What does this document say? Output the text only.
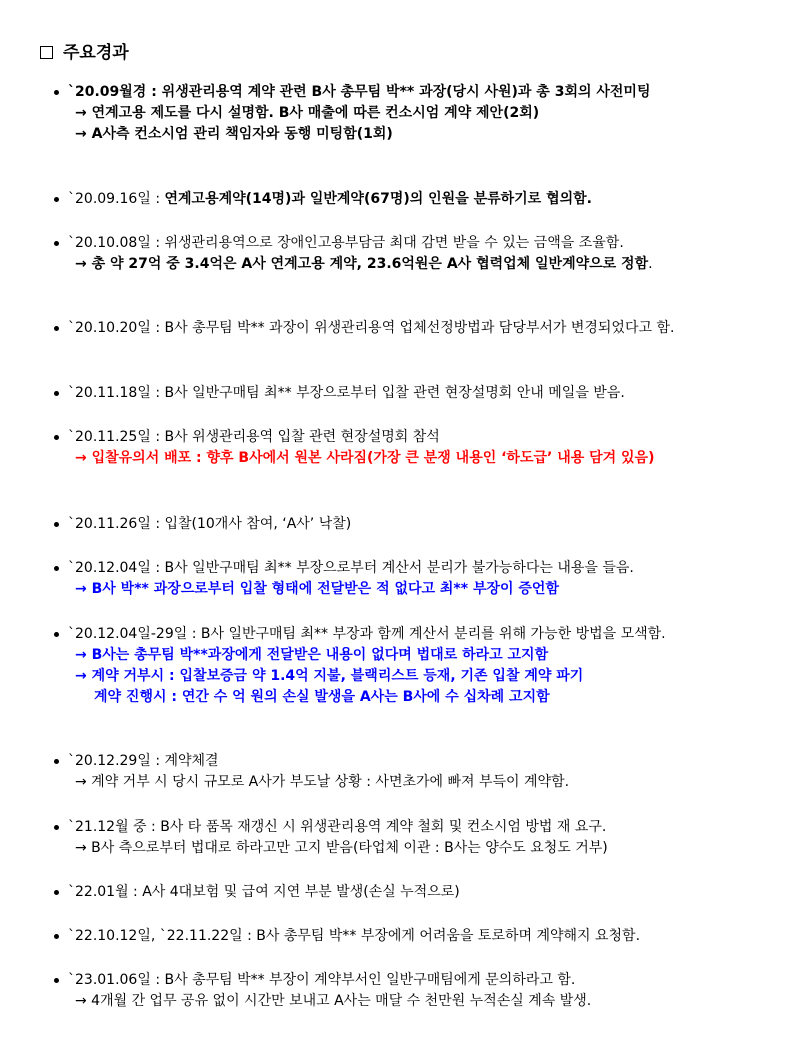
주요경과
`20.09월경 : 위생관리용역 계약 관련 B사 총무팀 박** 과장(당시 사원)과 총 3회의 사전미팅
→ 연계고용 제도를 다시 설명함. B사 매출에 따른 컨소시엄 계약 제안(2회)
→ A사측 컨소시엄 관리 책임자와 동행 미팅함(1회)
`20.09.16일 : 연계고용계약(14명)과 일반계약(67명)의 인원을 분류하기로 협의함.
`20.10.08일 : 위생관리용역으로 장애인고용부담금 최대 감면 받을 수 있는 금액을 조율함.
→ 총 약 27억 중 3.4억은 A사 연계고용 계약, 23.6억원은 A사 협력업체 일반계약으로 정함.
`20.10.20일 : B사 총무팀 박** 과장이 위생관리용역 업체선정방법과 담당부서가 변경되었다고 함.
`20.11.18일 : B사 일반구매팀 최** 부장으로부터 입찰 관련 현장설명회 안내 메일을 받음.
`20.11.25일 : B사 위생관리용역 입찰 관련 현장설명회 참석
→ 입찰유의서 배포 : 향후 B사에서 원본 사라짐(가장 큰 분쟁 내용인 ‘하도급’ 내용 담겨 있음)
`20.11.26일 : 입찰(10개사 참여, ‘A사’ 낙찰)
`20.12.04일 : B사 일반구매팀 최** 부장으로부터 계산서 분리가 불가능하다는 내용을 들음.
→ B사 박** 과장으로부터 입찰 형태에 전달받은 적 없다고 최** 부장이 증언함
`20.12.04일-29일 : B사 일반구매팀 최** 부장과 함께 계산서 분리를 위해 가능한 방법을 모색함.
→ B사는 총무팀 박**과장에게 전달받은 내용이 없다며 법대로 하라고 고지함
→ 계약 거부시 : 입찰보증금 약 1.4억 지불, 블랙리스트 등재, 기존 입찰 계약 파기
계약 진행시 : 연간 수 억 원의 손실 발생을 A사는 B사에 수 십차례 고지함
`20.12.29일 : 계약체결
→ 계약 거부 시 당시 규모로 A사가 부도날 상황 : 사면초가에 빠져 부득이 계약함.
`21.12월 중 : B사 타 품목 재갱신 시 위생관리용역 계약 철회 및 컨소시엄 방법 재 요구.
→ B사 측으로부터 법대로 하라고만 고지 받음(타업체 이관 : B사는 양수도 요청도 거부)
`22.01월 : A사 4대보험 및 급여 지연 부분 발생(손실 누적으로)
`22.10.12일, `22.11.22일 : B사 총무팀 박** 부장에게 어려움을 토로하며 계약해지 요청함.
`23.01.06일 : B사 총무팀 박** 부장이 계약부서인 일반구매팀에게 문의하라고 함.
→ 4개월 간 업무 공유 없이 시간만 보내고 A사는 매달 수 천만원 누적손실 계속 발생.
